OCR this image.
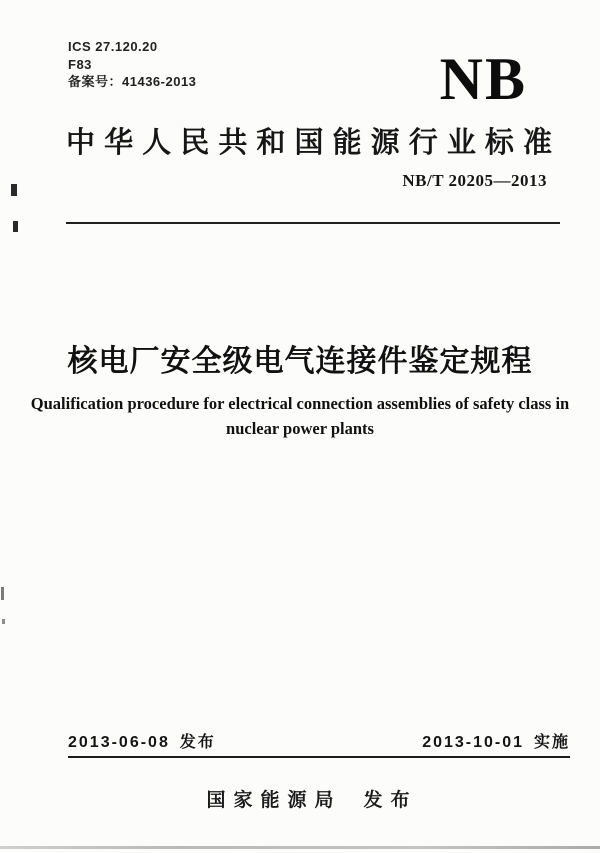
ICS 27.120.20
F83
备案号：41436-2013	NB
中华人民共和国能源行业标准
NB/T 20205—2013
核电厂安全级电气连接件鉴定规程
Qualification procedure for electrical connection assemblies of safety class in
nuclear power plants
2013-06-08 发布	2013-10-01 实施
国家能源局 发布
